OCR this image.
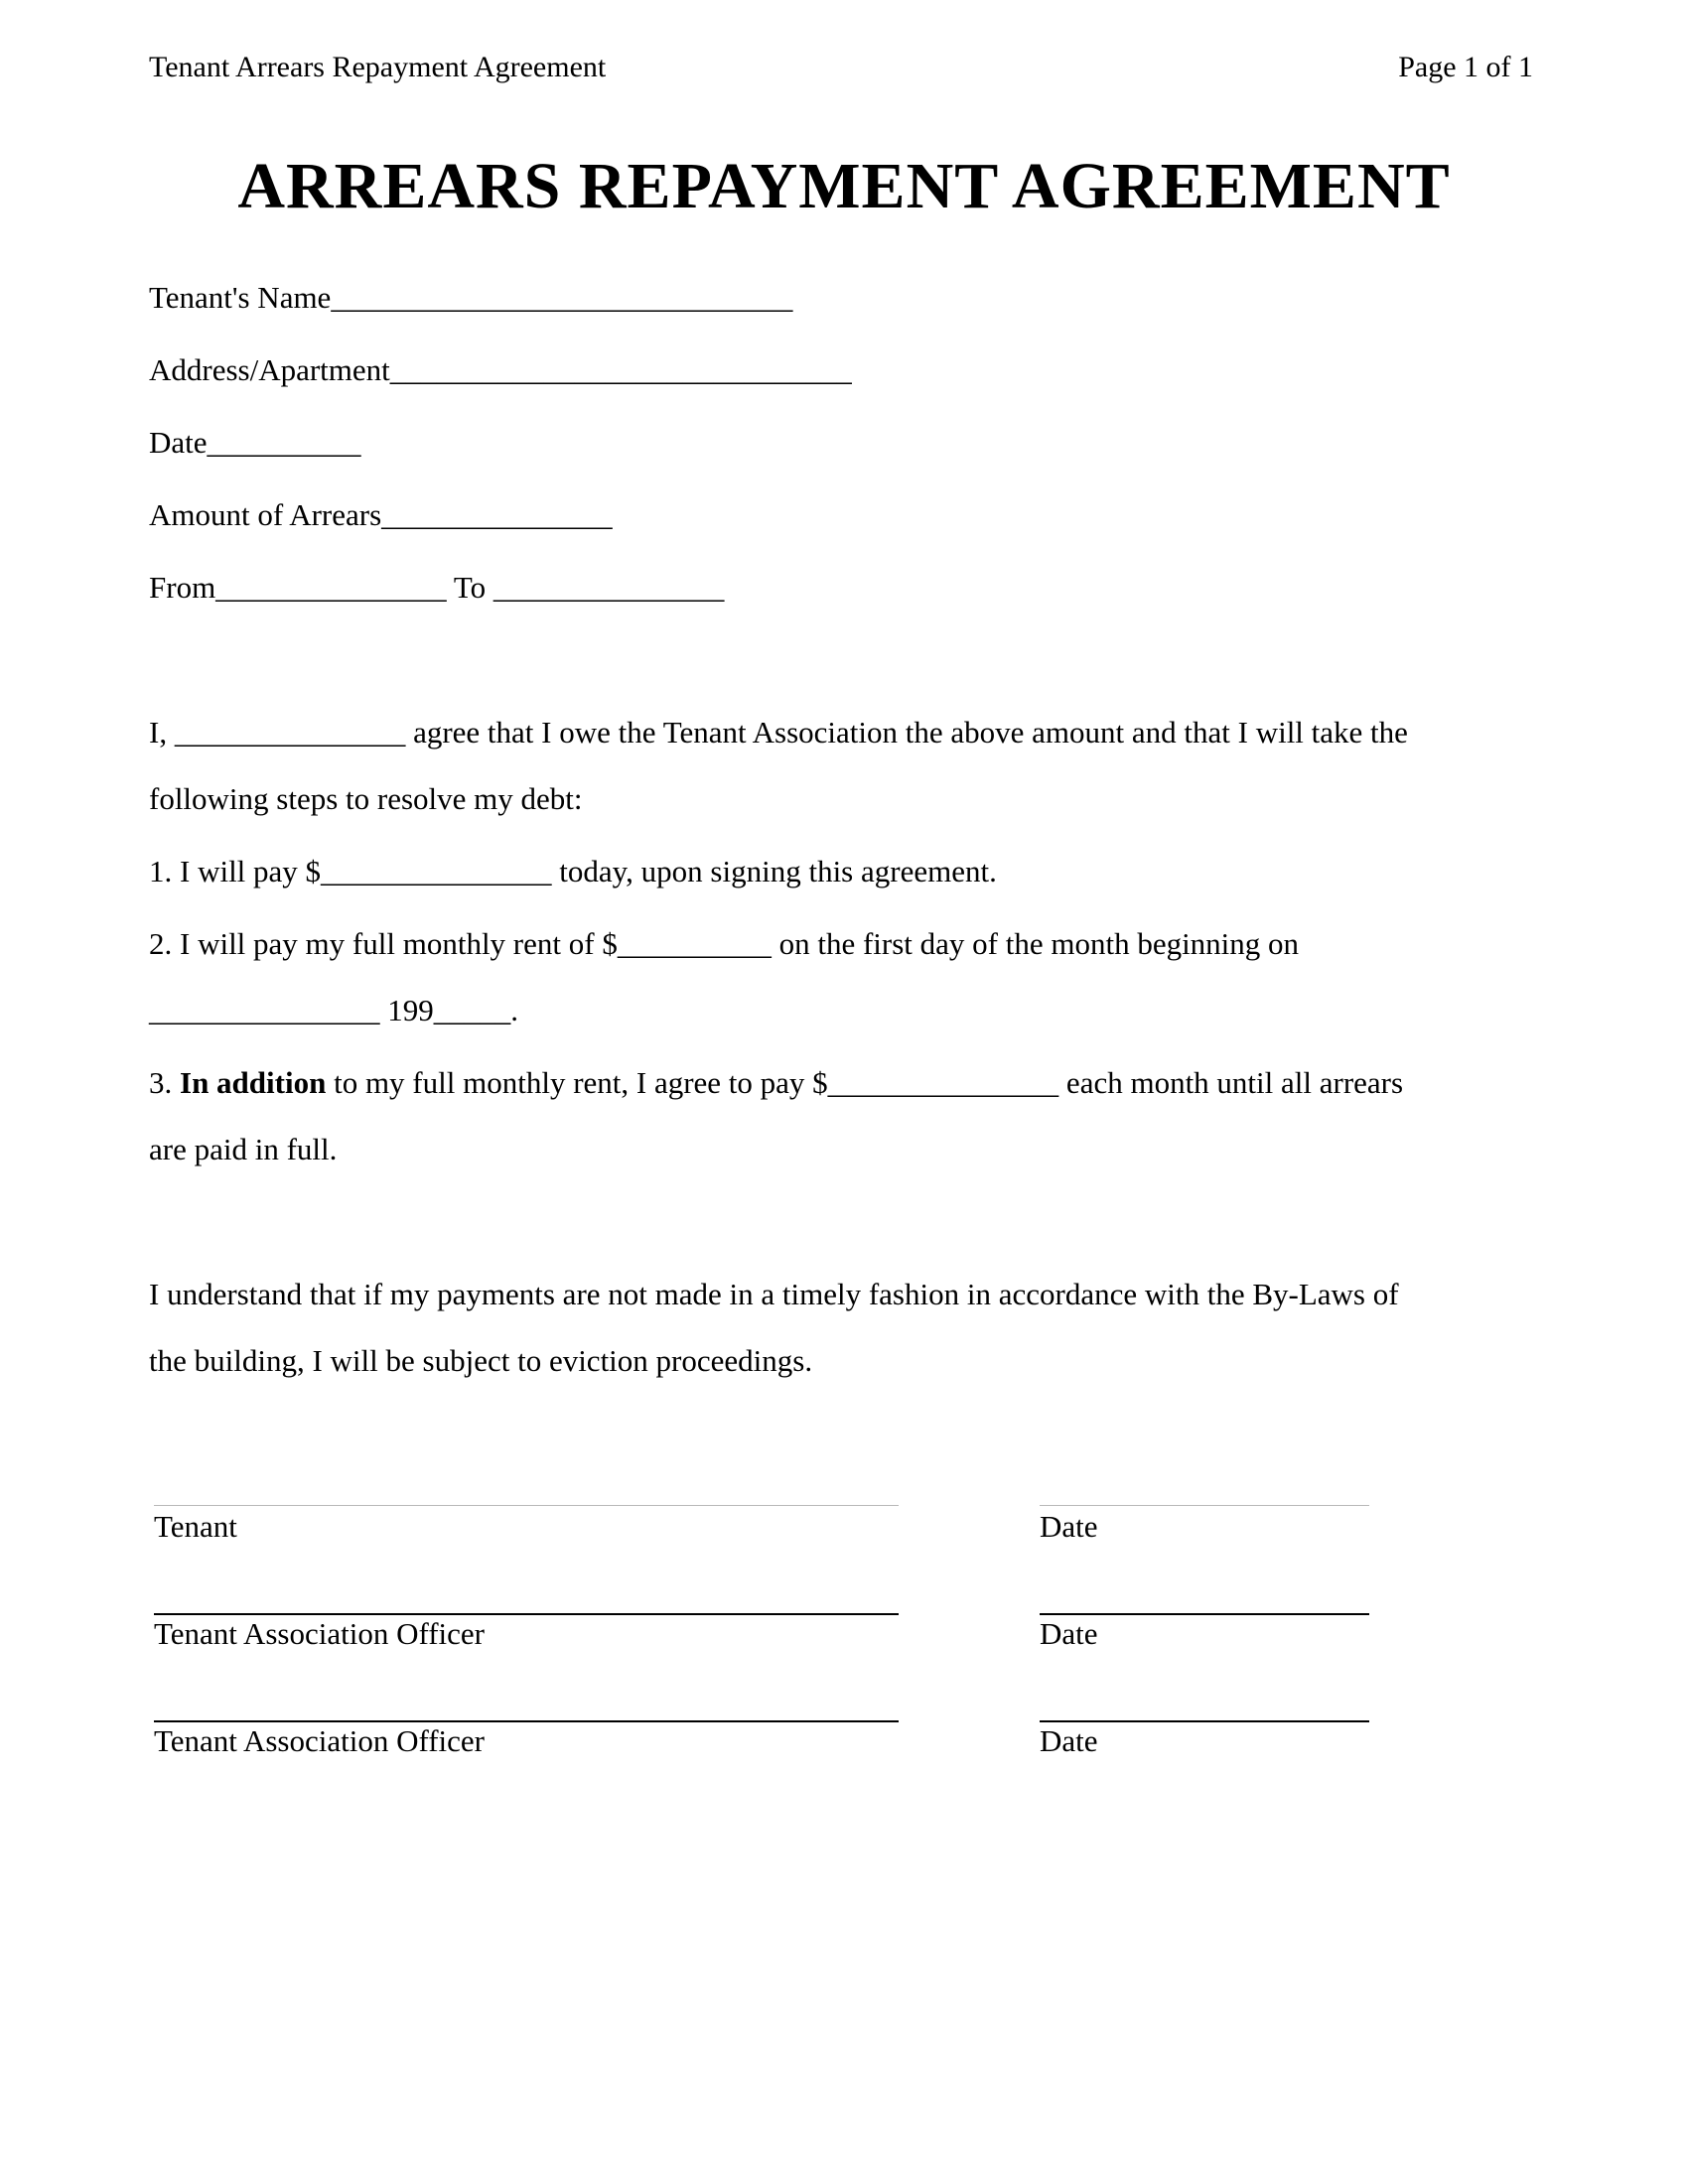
Tenant Arrears Repayment Agreement	Page 1 of 1
ARREARS REPAYMENT AGREEMENT
Tenant's Name______________________________
Address/Apartment______________________________
Date__________
Amount of Arrears_______________
From_______________ To _______________
I, _______________ agree that I owe the Tenant Association the above amount and that I will take the
following steps to resolve my debt:
1. I will pay $_______________ today, upon signing this agreement.
2. I will pay my full monthly rent of $__________ on the first day of the month beginning on
_______________ 199_____.
3. In addition to my full monthly rent, I agree to pay $_______________ each month until all arrears
are paid in full.
I understand that if my payments are not made in a timely fashion in accordance with the By-Laws of
the building, I will be subject to eviction proceedings.
Tenant	Date
Tenant Association Officer	Date
Tenant Association Officer	Date
